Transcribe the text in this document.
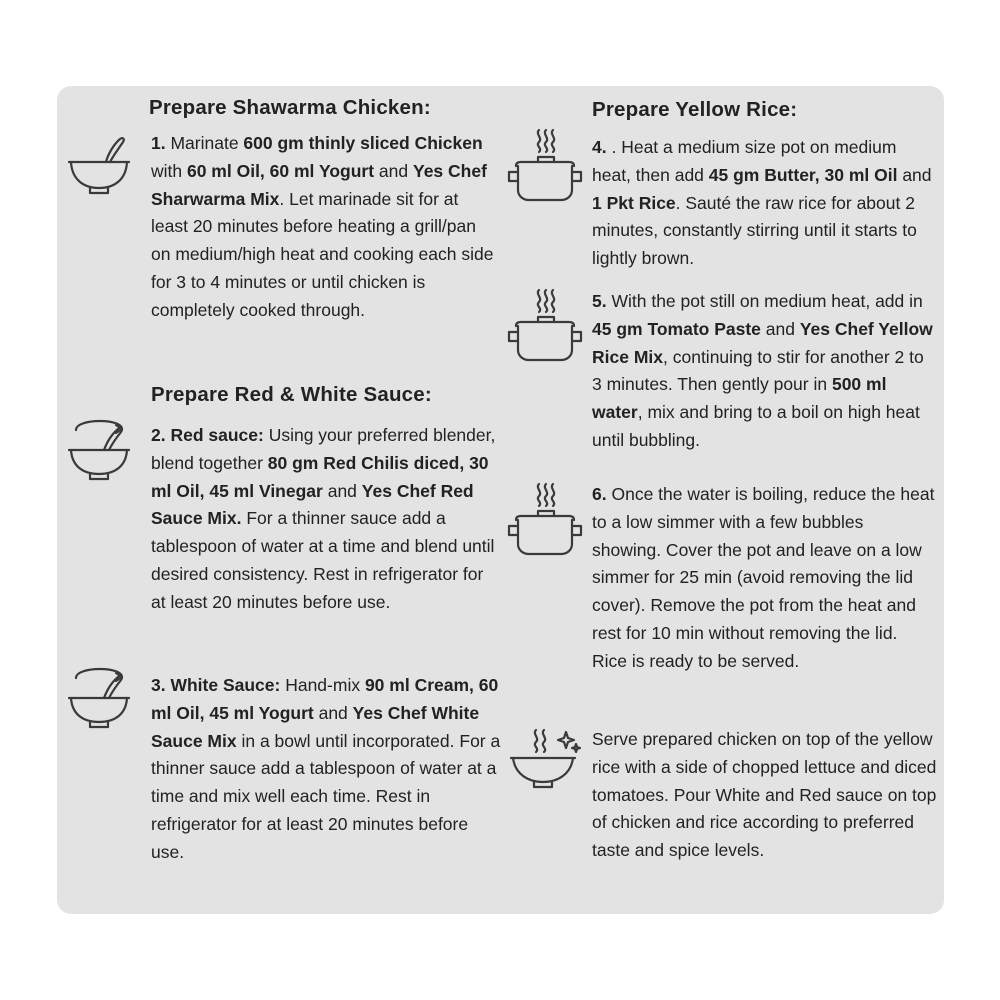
Prepare Shawarma Chicken:

1. Marinate 600 gm thinly sliced Chicken with 60 ml Oil, 60 ml Yogurt and Yes Chef Sharwarma Mix. Let marinade sit for at least 20 minutes before heating a grill/pan on medium/high heat and cooking each side for 3 to 4 minutes or until chicken is completely cooked through.

Prepare Red & White Sauce:

2. Red sauce: Using your preferred blender, blend together 80 gm Red Chilis diced, 30 ml Oil, 45 ml Vinegar and Yes Chef Red Sauce Mix. For a thinner sauce add a tablespoon of water at a time and blend until desired consistency. Rest in refrigerator for at least 20 minutes before use.

3. White Sauce: Hand-mix 90 ml Cream, 60 ml Oil, 45 ml Yogurt and Yes Chef White Sauce Mix in a bowl until incorporated. For a thinner sauce add a tablespoon of water at a time and mix well each time. Rest in refrigerator for at least 20 minutes before use.

Prepare Yellow Rice:

4. . Heat a medium size pot on medium heat, then add 45 gm Butter, 30 ml Oil and 1 Pkt Rice. Sauté the raw rice for about 2 minutes, constantly stirring until it starts to lightly brown.

5. With the pot still on medium heat, add in 45 gm Tomato Paste and Yes Chef Yellow Rice Mix, continuing to stir for another 2 to 3 minutes. Then gently pour in 500 ml water, mix and bring to a boil on high heat until bubbling.

6. Once the water is boiling, reduce the heat to a low simmer with a few bubbles showing. Cover the pot and leave on a low simmer for 25 min (avoid removing the lid cover). Remove the pot from the heat and rest for 10 min without removing the lid. Rice is ready to be served.

Serve prepared chicken on top of the yellow rice with a side of chopped lettuce and diced tomatoes. Pour White and Red sauce on top of chicken and rice according to preferred taste and spice levels.
